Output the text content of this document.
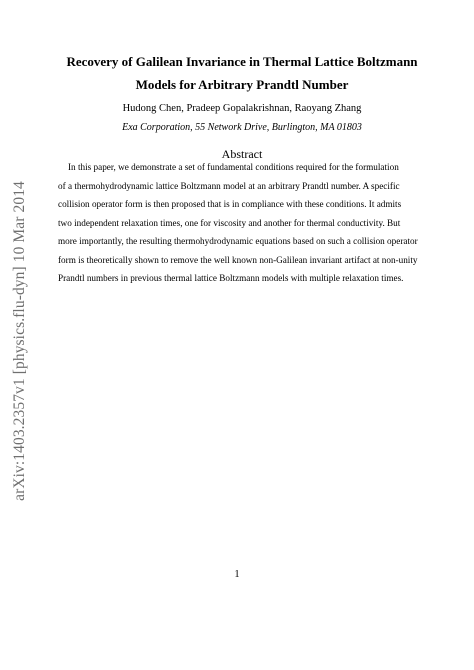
arXiv:1403.2357v1 [physics.flu-dyn] 10 Mar 2014
Recovery of Galilean Invariance in Thermal Lattice Boltzmann
Models for Arbitrary Prandtl Number
Hudong Chen, Pradeep Gopalakrishnan, Raoyang Zhang
Exa Corporation, 55 Network Drive, Burlington, MA 01803
Abstract
In this paper, we demonstrate a set of fundamental conditions required for the formulation
of a thermohydrodynamic lattice Boltzmann model at an arbitrary Prandtl number. A specific
collision operator form is then proposed that is in compliance with these conditions. It admits
two independent relaxation times, one for viscosity and another for thermal conductivity. But
more importantly, the resulting thermohydrodynamic equations based on such a collision operator
form is theoretically shown to remove the well known non-Galilean invariant artifact at non-unity
Prandtl numbers in previous thermal lattice Boltzmann models with multiple relaxation times.
1
